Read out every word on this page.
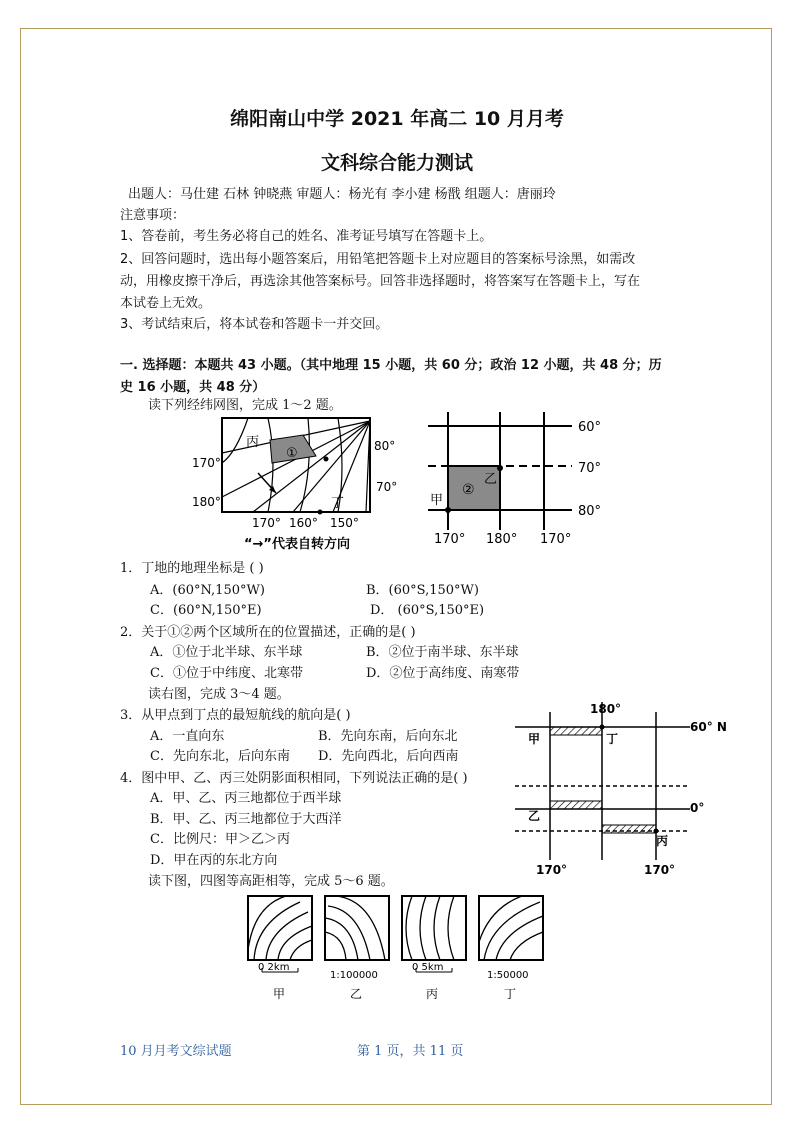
绵阳南山中学 2021 年高二 10 月月考
文科综合能力测试
出题人：马仕建 石林 钟晓燕 审题人：杨光有 李小建 杨戬 组题人：唐丽玲
注意事项：
1、答卷前，考生务必将自己的姓名、准考证号填写在答题卡上。
2、回答问题时，选出每小题答案后，用铅笔把答题卡上对应题目的答案标号涂黑，如需改
动，用橡皮擦干净后，再选涂其他答案标号。回答非选择题时，将答案写在答题卡上，写在
本试卷上无效。
3、考试结束后，将本试卷和答题卡一并交回。
一. 选择题：本题共 43 小题。（其中地理 15 小题，共 60 分；政治 12 小题，共 48 分；历
史 16 小题，共 48 分）
读下列经纬网图，完成 1～2 题。
丙
①
丁
170°
180°
80°
70°
170° 160° 150°
“→”代表自转方向
60°
70°
80°
乙
②
甲
170° 180° 170°
1．丁地的地理坐标是 ( )
A．(60°N,150°W)	B．(60°S,150°W)
C．(60°N,150°E)	D． (60°S,150°E)
2．关于①②两个区域所在的位置描述，正确的是( )
A．①位于北半球、东半球	B．②位于南半球、东半球
C．①位于中纬度、北寒带	D．②位于高纬度、南寒带
读右图，完成 3～4 题。
3．从甲点到丁点的最短航线的航向是( )
A．一直向东	B．先向东南，后向东北
C．先向东北，后向东南 D．先向西北，后向西南
4．图中甲、乙、丙三处阴影面积相同，下列说法正确的是( )
A．甲、乙、丙三地都位于西半球
B．甲、乙、丙三地都位于大西洋
C．比例尺：甲＞乙＞丙
D．甲在丙的东北方向
读下图，四图等高距相等，完成 5～6 题。
180°
60° N
甲	丁
0°
乙
丙
170°	170°
0 2km
1:100000
0 5km
1:50000
甲	乙	丙	丁
10 月月考文综试题	第 1 页，共 11 页
